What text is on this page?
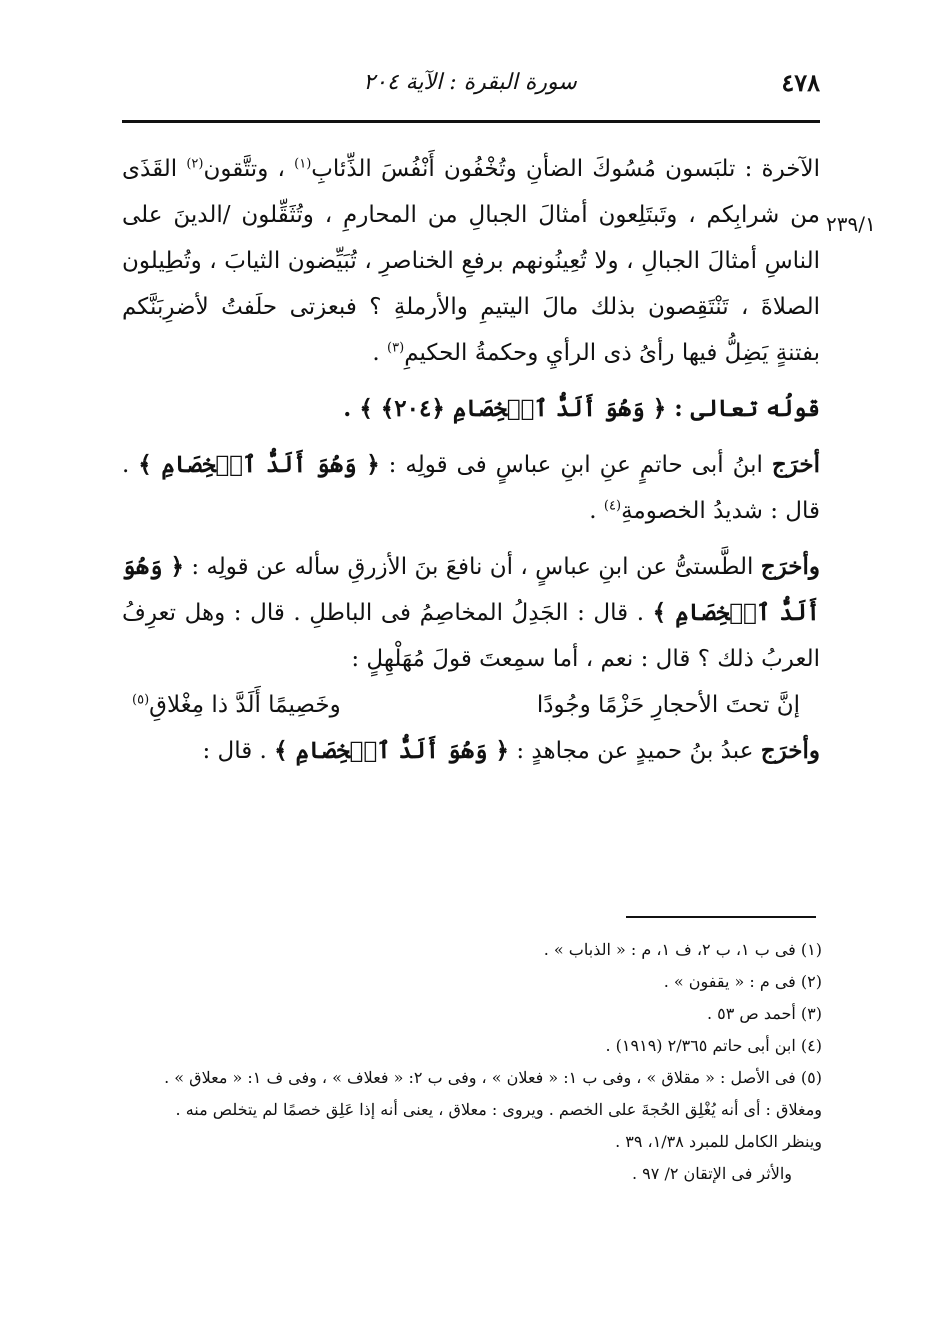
٤٧٨
سورة البقرة : الآية ٢٠٤
٢٣٩/١

الآخرة : تلبَسون مُسُوكَ الضأنِ وتُخْفُون أَنْفُسَ الذِّئابِ$^{(١)}$ ، وتتَّقون$^{(٢)}$ القَذَى من شرابِكم ، وتَبتَلِعون أمثالَ الجبالِ من المحارمِ ، وتُثَقِّلون /الدينَ على الناسِ أمثالَ الجبالِ ، ولا تُعِينُونهم برفعِ الخناصرِ ، تُبَيِّضون الثيابَ ، وتُطِيلون الصلاةَ ، تَنْتَقِصون بذلك مالَ اليتيمِ والأرملةِ ؟ فبعزتى حلَفتُ لأضرِبَنَّكم بفتنةٍ يَضِلُّ فيها رأىُ ذى الرأيِ وحكمةُ الحكيمِ$^{(٣)}$ .

قولُه تعالى : ﴿ وَهُوَ أَلَدُّ ٱلۡخِصَامِ ﴿٢٠٤﴾ ﴾ .

أخرَج ابنُ أبى حاتمٍ عنِ ابنِ عباسٍ فى قولِه : ﴿ وَهُوَ أَلَدُّ ٱلۡخِصَامِ ﴾ . قال : شديدُ الخصومةِ$^{(٤)}$ .

وأخرَج الطَّستىُّ عن ابنِ عباسٍ ، أن نافعَ بنَ الأزرقِ سأله عن قولِه : ﴿ وَهُوَ أَلَدُّ ٱلۡخِصَامِ ﴾ . قال : الجَدِلُ المخاصِمُ فى الباطلِ . قال : وهل تعرِفُ العربُ ذلك ؟ قال : نعم ، أما سمِعتَ قولَ مُهَلْهِلٍ :

إنَّ تحتَ الأحجارِ حَزْمًا وجُودًا
وخَصِيمًا أَلَدَّ ذا مِغْلاقِ$^{(٥)}$

وأخرَج عبدُ بنُ حميدٍ عن مجاهدٍ : ﴿ وَهُوَ أَلَدُّ ٱلۡخِصَامِ ﴾ . قال :

(١) فى ب ١، ب ٢، ف ١، م : « الذباب » .

(٢) فى م : « يقفون » .

(٣) أحمد ص ٥٣ .

(٤) ابن أبى حاتم ٢/٣٦٥ (١٩١٩) .

(٥) فى الأصل : « مقلاق » ، وفى ب ١: « فعلان » ، وفى ب ٢: « فعلاف » ، وفى ف ١: « معلاق » .

ومغلاق : أى أنه يُغْلِق الحُجةَ على الخصم . ويروى : معلاق ، يعنى أنه إذا عَلِق خصمًا لم يتخلص منه .

وينظر الكامل للمبرد ١/٣٨، ٣٩ .

والأثر فى الإتقان ٢/ ٩٧ .
